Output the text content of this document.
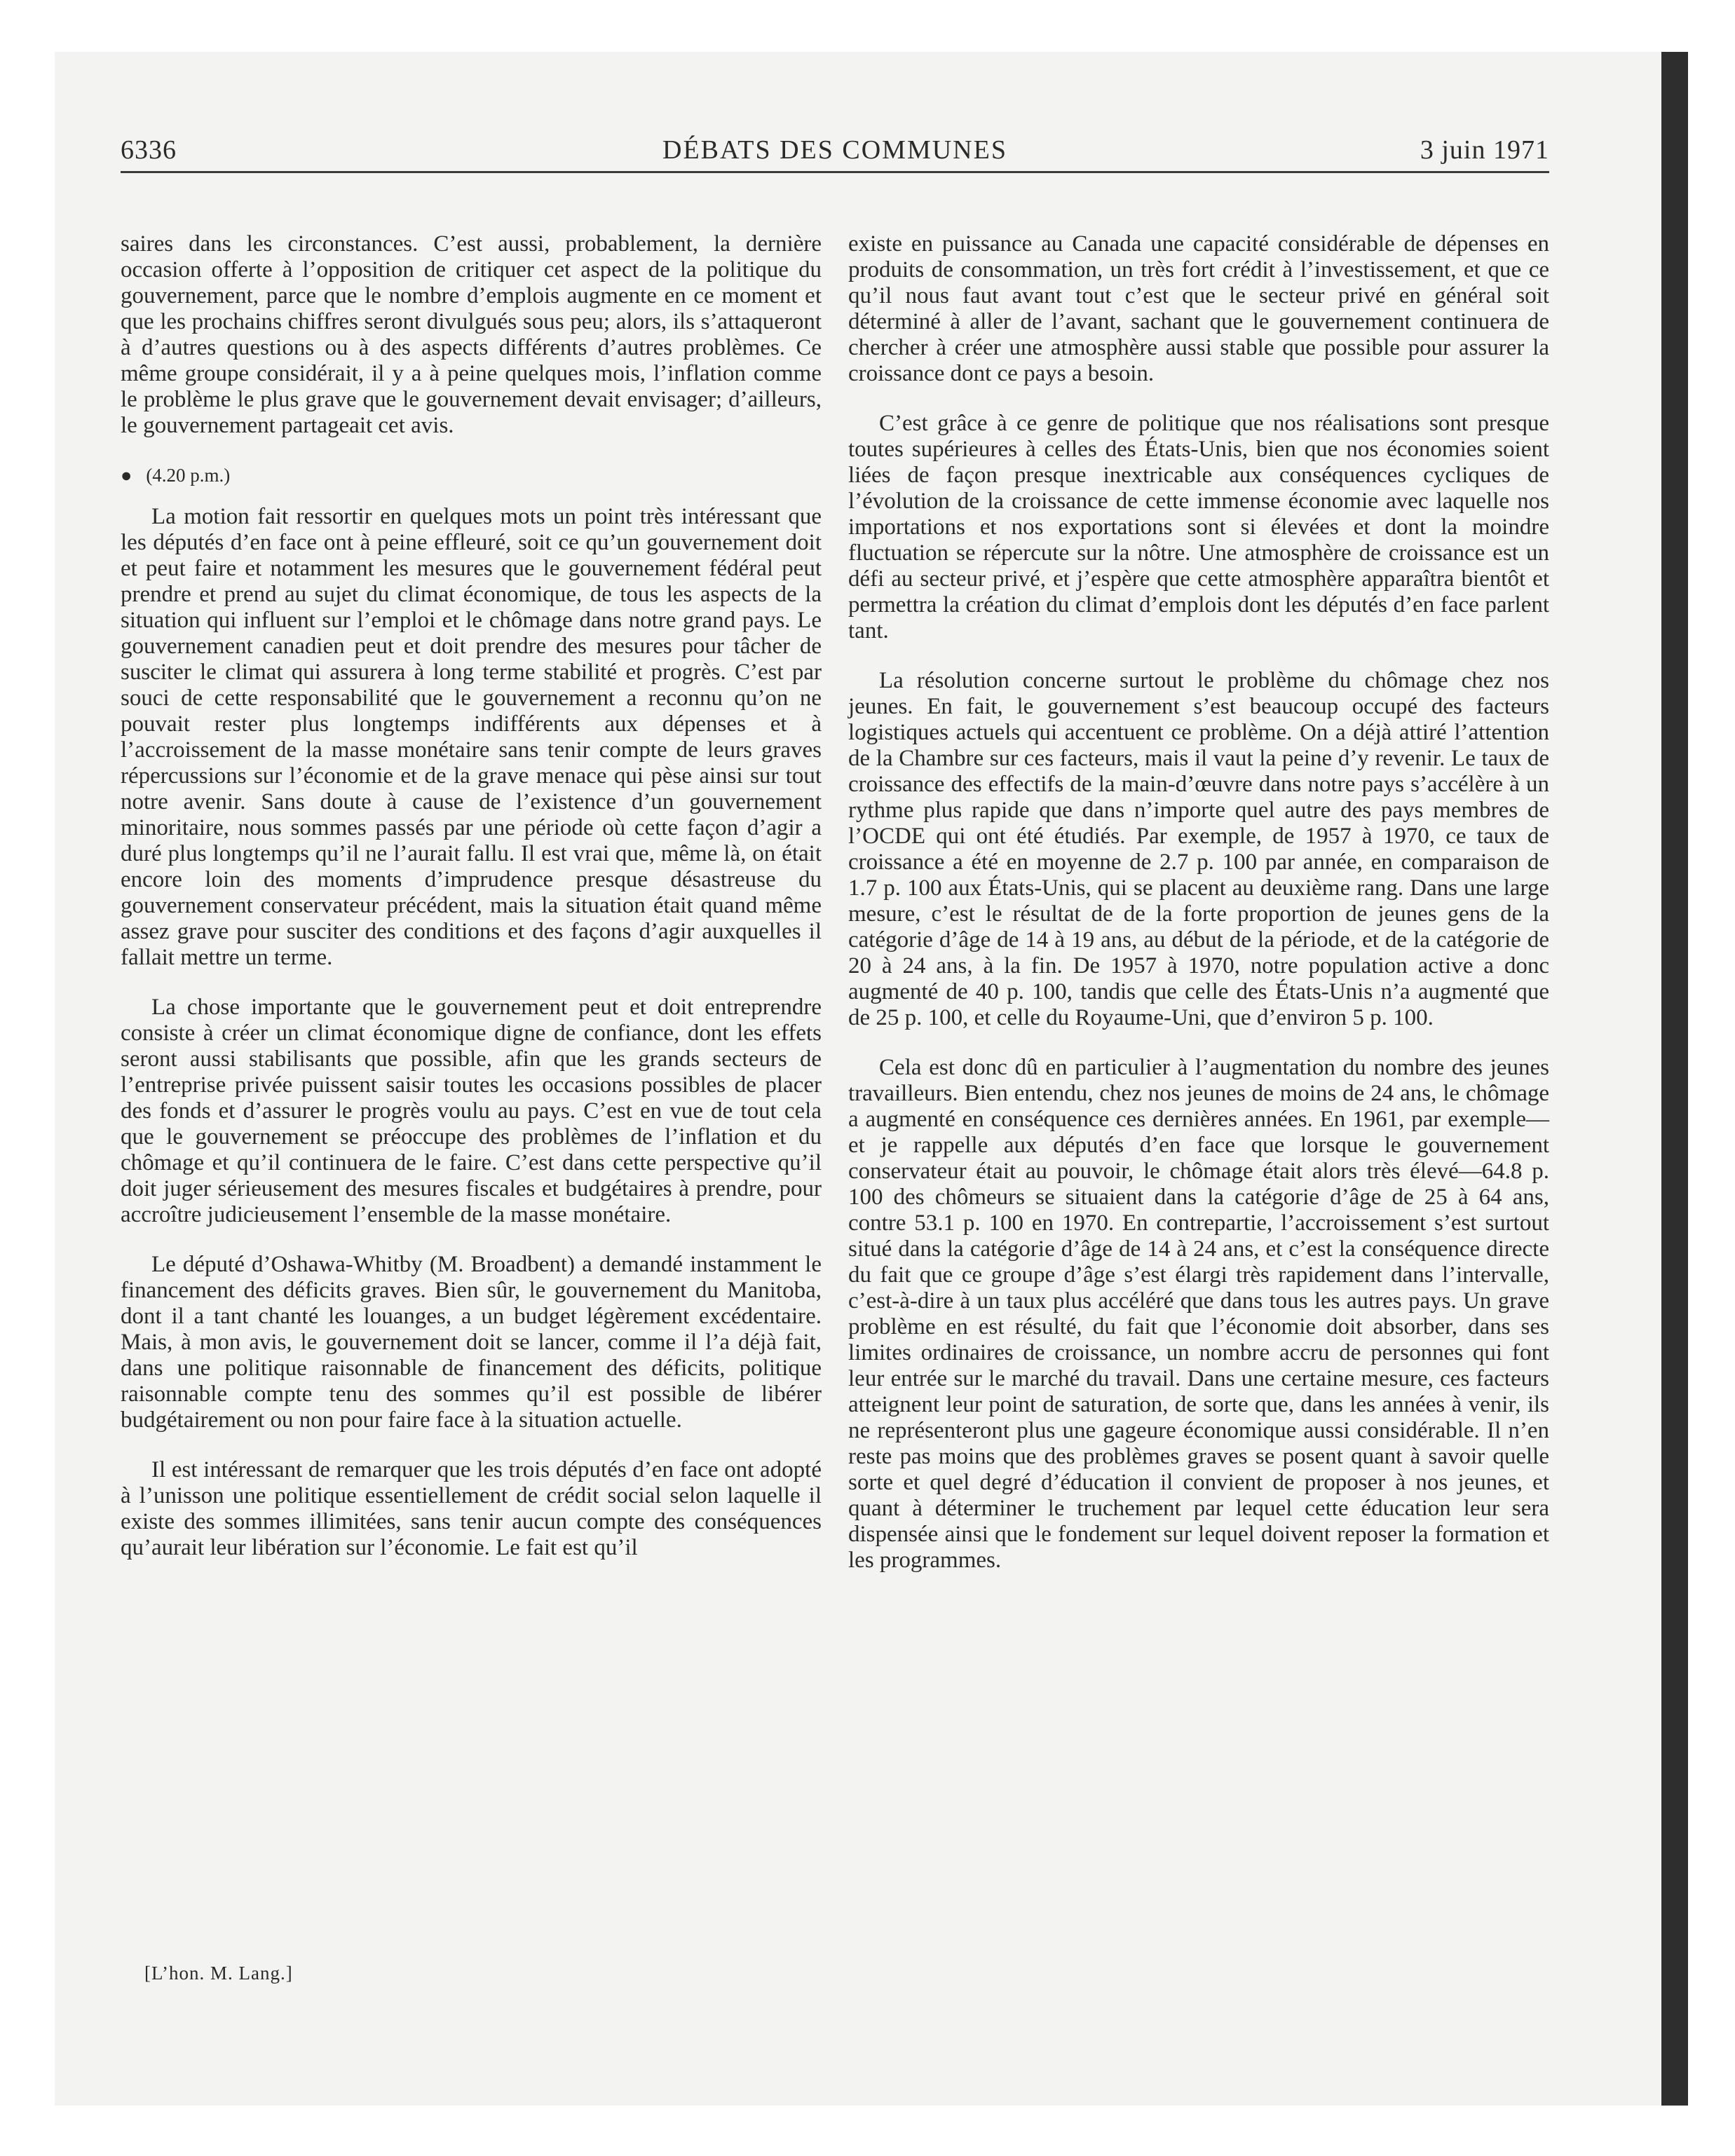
6336	DÉBATS DES COMMUNES	3 juin 1971

saires dans les circonstances. C’est aussi, probablement, la dernière occasion offerte à l’opposition de critiquer cet aspect de la politique du gouvernement, parce que le nombre d’emplois augmente en ce moment et que les prochains chiffres seront divulgués sous peu; alors, ils s’attaqueront à d’autres questions ou à des aspects différents d’autres problèmes. Ce même groupe considérait, il y a à peine quelques mois, l’inflation comme le problème le plus grave que le gouvernement devait envisager; d’ailleurs, le gouvernement partageait cet avis.

● (4.20 p.m.)

La motion fait ressortir en quelques mots un point très intéressant que les députés d’en face ont à peine effleuré, soit ce qu’un gouvernement doit et peut faire et notamment les mesures que le gouvernement fédéral peut prendre et prend au sujet du climat économique, de tous les aspects de la situation qui influent sur l’emploi et le chômage dans notre grand pays. Le gouvernement canadien peut et doit prendre des mesures pour tâcher de susciter le climat qui assurera à long terme stabilité et progrès. C’est par souci de cette responsabilité que le gouvernement a reconnu qu’on ne pouvait rester plus longtemps indifférents aux dépenses et à l’accroissement de la masse monétaire sans tenir compte de leurs graves répercussions sur l’économie et de la grave menace qui pèse ainsi sur tout notre avenir. Sans doute à cause de l’existence d’un gouvernement minoritaire, nous sommes passés par une période où cette façon d’agir a duré plus longtemps qu’il ne l’aurait fallu. Il est vrai que, même là, on était encore loin des moments d’imprudence presque désastreuse du gouvernement conservateur précédent, mais la situation était quand même assez grave pour susciter des conditions et des façons d’agir auxquelles il fallait mettre un terme.

La chose importante que le gouvernement peut et doit entreprendre consiste à créer un climat économique digne de confiance, dont les effets seront aussi stabilisants que possible, afin que les grands secteurs de l’entreprise privée puissent saisir toutes les occasions possibles de placer des fonds et d’assurer le progrès voulu au pays. C’est en vue de tout cela que le gouvernement se préoccupe des problèmes de l’inflation et du chômage et qu’il continuera de le faire. C’est dans cette perspective qu’il doit juger sérieusement des mesures fiscales et budgétaires à prendre, pour accroître judicieusement l’ensemble de la masse monétaire.

Le député d’Oshawa-Whitby (M. Broadbent) a demandé instamment le financement des déficits graves. Bien sûr, le gouvernement du Manitoba, dont il a tant chanté les louanges, a un budget légèrement excédentaire. Mais, à mon avis, le gouvernement doit se lancer, comme il l’a déjà fait, dans une politique raisonnable de financement des déficits, politique raisonnable compte tenu des sommes qu’il est possible de libérer budgétairement ou non pour faire face à la situation actuelle.

Il est intéressant de remarquer que les trois députés d’en face ont adopté à l’unisson une politique essentiellement de crédit social selon laquelle il existe des sommes illimitées, sans tenir aucun compte des conséquences qu’aurait leur libération sur l’économie. Le fait est qu’il

existe en puissance au Canada une capacité considérable de dépenses en produits de consommation, un très fort crédit à l’investissement, et que ce qu’il nous faut avant tout c’est que le secteur privé en général soit déterminé à aller de l’avant, sachant que le gouvernement continuera de chercher à créer une atmosphère aussi stable que possible pour assurer la croissance dont ce pays a besoin.

C’est grâce à ce genre de politique que nos réalisations sont presque toutes supérieures à celles des États-Unis, bien que nos économies soient liées de façon presque inextricable aux conséquences cycliques de l’évolution de la croissance de cette immense économie avec laquelle nos importations et nos exportations sont si élevées et dont la moindre fluctuation se répercute sur la nôtre. Une atmosphère de croissance est un défi au secteur privé, et j’espère que cette atmosphère apparaîtra bientôt et permettra la création du climat d’emplois dont les députés d’en face parlent tant.

La résolution concerne surtout le problème du chômage chez nos jeunes. En fait, le gouvernement s’est beaucoup occupé des facteurs logistiques actuels qui accentuent ce problème. On a déjà attiré l’attention de la Chambre sur ces facteurs, mais il vaut la peine d’y revenir. Le taux de croissance des effectifs de la main-d’œuvre dans notre pays s’accélère à un rythme plus rapide que dans n’importe quel autre des pays membres de l’OCDE qui ont été étudiés. Par exemple, de 1957 à 1970, ce taux de croissance a été en moyenne de 2.7 p. 100 par année, en comparaison de 1.7 p. 100 aux États-Unis, qui se placent au deuxième rang. Dans une large mesure, c’est le résultat de de la forte proportion de jeunes gens de la catégorie d’âge de 14 à 19 ans, au début de la période, et de la catégorie de 20 à 24 ans, à la fin. De 1957 à 1970, notre population active a donc augmenté de 40 p. 100, tandis que celle des États-Unis n’a augmenté que de 25 p. 100, et celle du Royaume-Uni, que d’environ 5 p. 100.

Cela est donc dû en particulier à l’augmentation du nombre des jeunes travailleurs. Bien entendu, chez nos jeunes de moins de 24 ans, le chômage a augmenté en conséquence ces dernières années. En 1961, par exemple—et je rappelle aux députés d’en face que lorsque le gouvernement conservateur était au pouvoir, le chômage était alors très élevé—64.8 p. 100 des chômeurs se situaient dans la catégorie d’âge de 25 à 64 ans, contre 53.1 p. 100 en 1970. En contrepartie, l’accroissement s’est surtout situé dans la catégorie d’âge de 14 à 24 ans, et c’est la conséquence directe du fait que ce groupe d’âge s’est élargi très rapidement dans l’intervalle, c’est-à-dire à un taux plus accéléré que dans tous les autres pays. Un grave problème en est résulté, du fait que l’économie doit absorber, dans ses limites ordinaires de croissance, un nombre accru de personnes qui font leur entrée sur le marché du travail. Dans une certaine mesure, ces facteurs atteignent leur point de saturation, de sorte que, dans les années à venir, ils ne représenteront plus une gageure économique aussi considérable. Il n’en reste pas moins que des problèmes graves se posent quant à savoir quelle sorte et quel degré d’éducation il convient de proposer à nos jeunes, et quant à déterminer le truchement par lequel cette éducation leur sera dispensée ainsi que le fondement sur lequel doivent reposer la formation et les programmes.

[L’hon. M. Lang.]
